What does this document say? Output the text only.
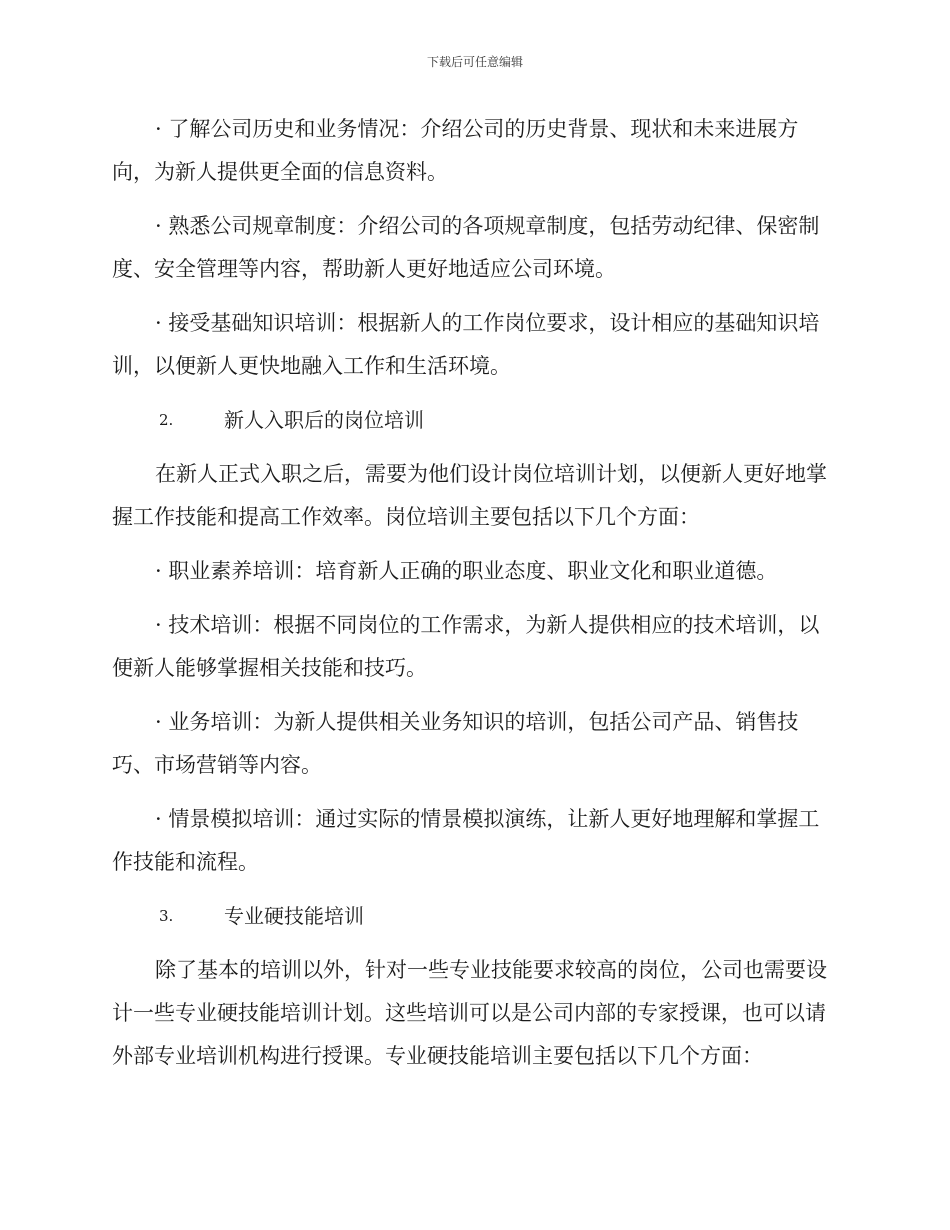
下载后可任意编辑

· 了解公司历史和业务情况：介绍公司的历史背景、现状和未来进展方向，为新人提供更全面的信息资料。

· 熟悉公司规章制度：介绍公司的各项规章制度，包括劳动纪律、保密制度、安全管理等内容，帮助新人更好地适应公司环境。

· 接受基础知识培训：根据新人的工作岗位要求，设计相应的基础知识培训，以便新人更快地融入工作和生活环境。

2.	新人入职后的岗位培训

在新人正式入职之后，需要为他们设计岗位培训计划，以便新人更好地掌握工作技能和提高工作效率。岗位培训主要包括以下几个方面：

· 职业素养培训：培育新人正确的职业态度、职业文化和职业道德。

· 技术培训：根据不同岗位的工作需求，为新人提供相应的技术培训，以便新人能够掌握相关技能和技巧。

· 业务培训：为新人提供相关业务知识的培训，包括公司产品、销售技巧、市场营销等内容。

· 情景模拟培训：通过实际的情景模拟演练，让新人更好地理解和掌握工作技能和流程。

3.	专业硬技能培训

除了基本的培训以外，针对一些专业技能要求较高的岗位，公司也需要设计一些专业硬技能培训计划。这些培训可以是公司内部的专家授课，也可以请外部专业培训机构进行授课。专业硬技能培训主要包括以下几个方面：
